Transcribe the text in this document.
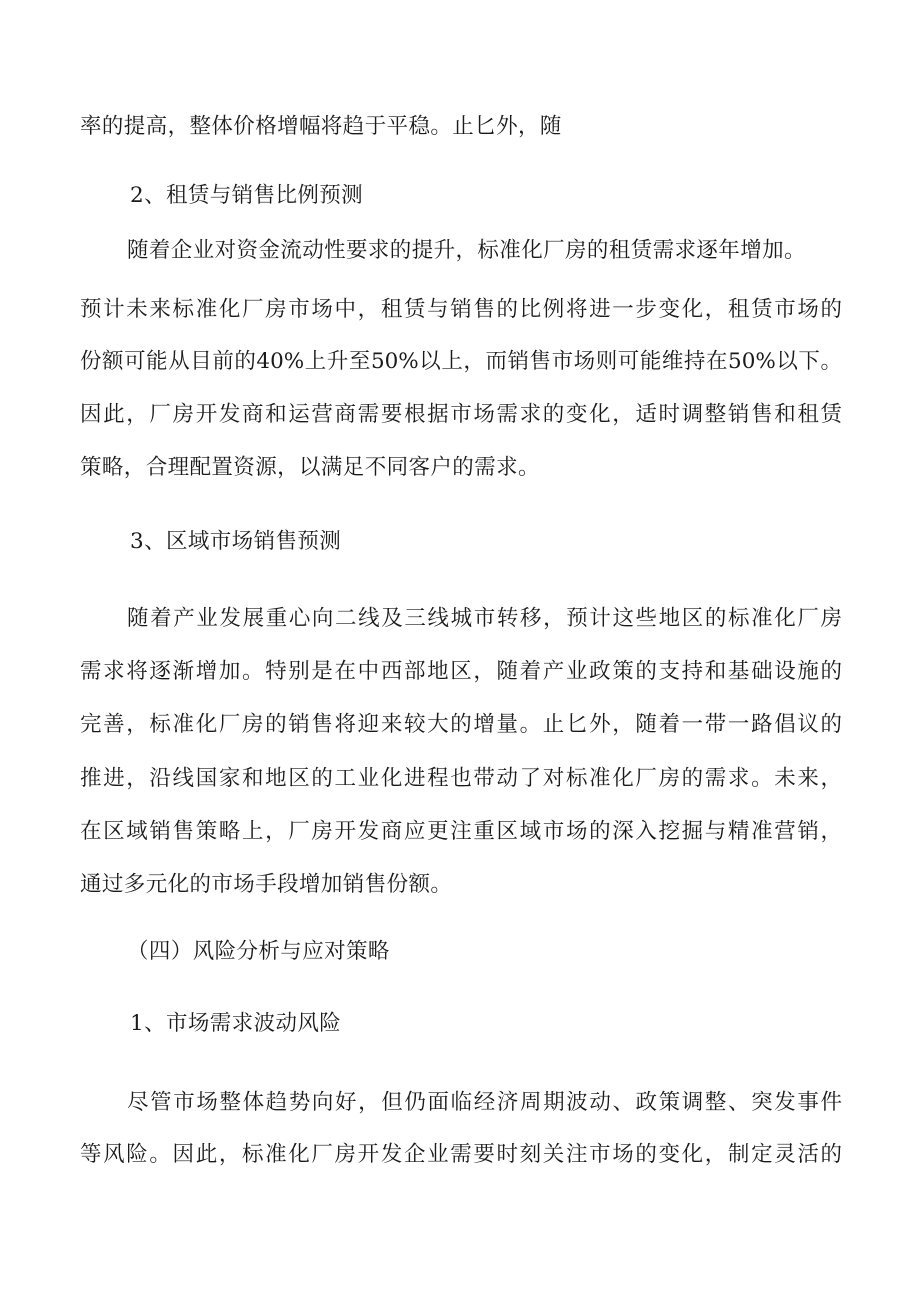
率的提高，整体价格增幅将趋于平稳。止匕外，随
2、租赁与销售比例预测
随着企业对资金流动性要求的提升，标准化厂房的租赁需求逐年增加。
预计未来标准化厂房市场中，租赁与销售的比例将进一步变化，租赁市场的
份额可能从目前的40%上升至50%以上，而销售市场则可能维持在50%以下。
因此，厂房开发商和运营商需要根据市场需求的变化，适时调整销售和租赁
策略，合理配置资源，以满足不同客户的需求。
3、区域市场销售预测
随着产业发展重心向二线及三线城市转移，预计这些地区的标准化厂房
需求将逐渐增加。特别是在中西部地区，随着产业政策的支持和基础设施的
完善，标准化厂房的销售将迎来较大的增量。止匕外，随着一带一路倡议的
推进，沿线国家和地区的工业化进程也带动了对标准化厂房的需求。未来，
在区域销售策略上，厂房开发商应更注重区域市场的深入挖掘与精准营销，
通过多元化的市场手段增加销售份额。
（四）风险分析与应对策略
1、市场需求波动风险
尽管市场整体趋势向好，但仍面临经济周期波动、政策调整、突发事件
等风险。因此，标准化厂房开发企业需要时刻关注市场的变化，制定灵活的
